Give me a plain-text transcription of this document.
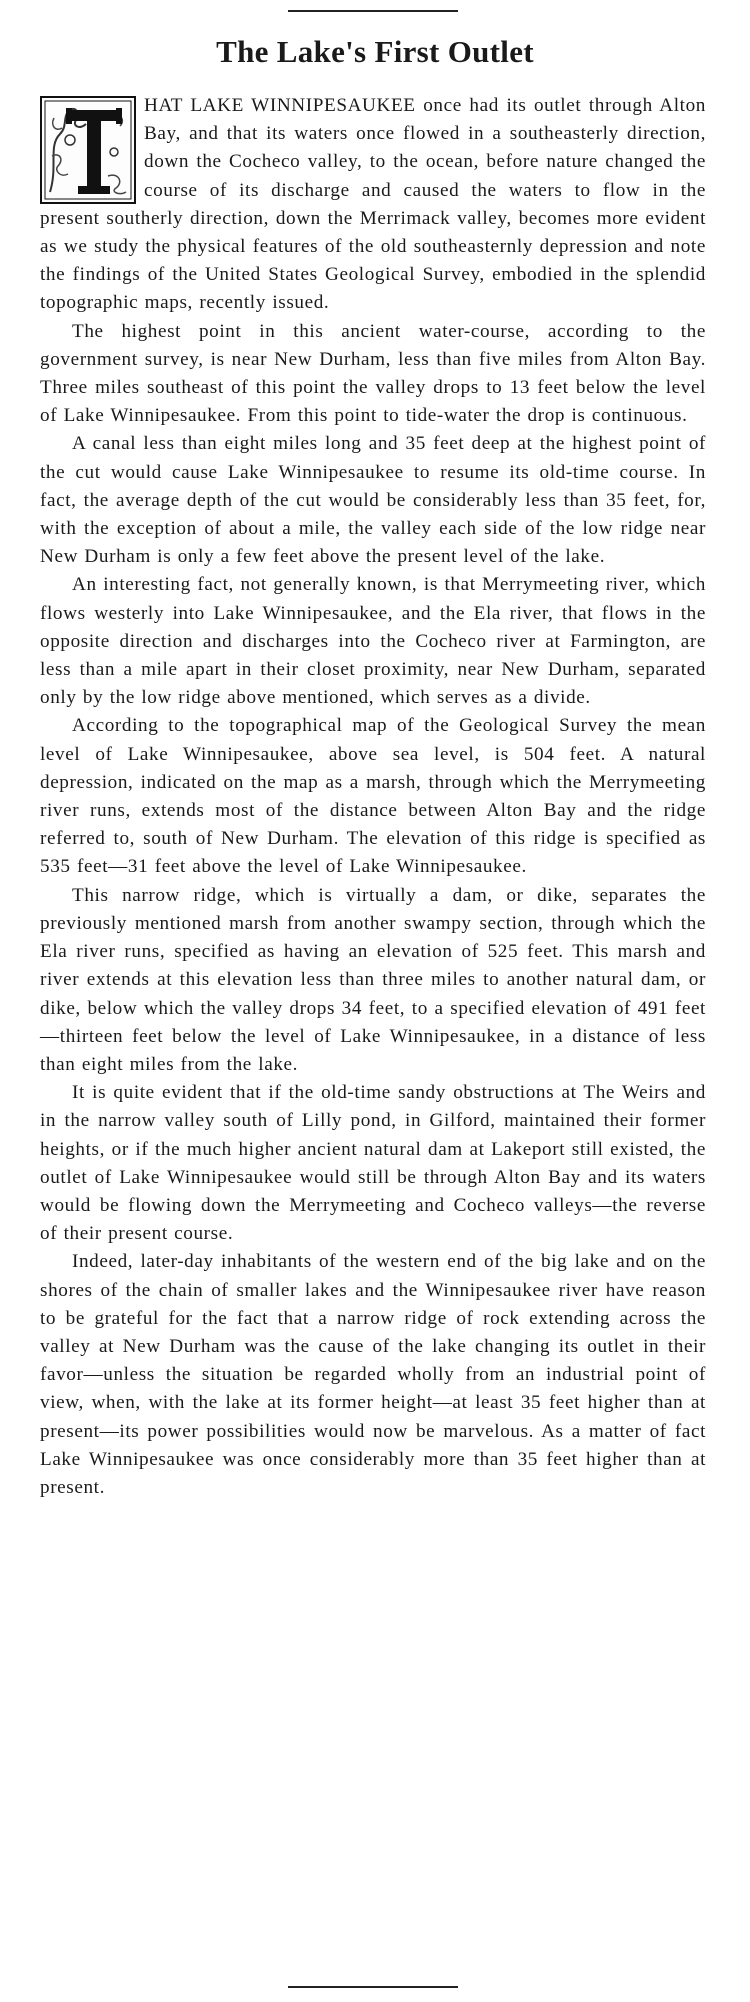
The Lake's First Outlet

HAT LAKE WINNIPESAUKEE once had its outlet through Alton Bay, and that its waters once flowed in a southeasterly direction, down the Cocheco valley, to the ocean, before nature changed the course of its discharge and caused the waters to flow in the present southerly direction, down the Merrimack valley, becomes more evident as we study the physical features of the old southeasternly depression and note the findings of the United States Geological Survey, embodied in the splendid topographic maps, recently issued.

The highest point in this ancient water-course, according to the government survey, is near New Durham, less than five miles from Alton Bay. Three miles southeast of this point the valley drops to 13 feet below the level of Lake Winnipesaukee. From this point to tide-water the drop is continuous.

A canal less than eight miles long and 35 feet deep at the highest point of the cut would cause Lake Winnipesaukee to resume its old-time course. In fact, the average depth of the cut would be considerably less than 35 feet, for, with the exception of about a mile, the valley each side of the low ridge near New Durham is only a few feet above the present level of the lake.

An interesting fact, not generally known, is that Merrymeeting river, which flows westerly into Lake Winnipesaukee, and the Ela river, that flows in the opposite direction and discharges into the Cocheco river at Farmington, are less than a mile apart in their closet proximity, near New Durham, separated only by the low ridge above mentioned, which serves as a divide.

According to the topographical map of the Geological Survey the mean level of Lake Winnipesaukee, above sea level, is 504 feet. A natural depression, indicated on the map as a marsh, through which the Merrymeeting river runs, extends most of the distance between Alton Bay and the ridge referred to, south of New Durham. The elevation of this ridge is specified as 535 feet—31 feet above the level of Lake Winnipesaukee.

This narrow ridge, which is virtually a dam, or dike, separates the previously mentioned marsh from another swampy section, through which the Ela river runs, specified as having an elevation of 525 feet. This marsh and river extends at this elevation less than three miles to another natural dam, or dike, below which the valley drops 34 feet, to a specified elevation of 491 feet—thirteen feet below the level of Lake Winnipesaukee, in a distance of less than eight miles from the lake.

It is quite evident that if the old-time sandy obstructions at The Weirs and in the narrow valley south of Lilly pond, in Gilford, maintained their former heights, or if the much higher ancient natural dam at Lakeport still existed, the outlet of Lake Winnipesaukee would still be through Alton Bay and its waters would be flowing down the Merrymeeting and Cocheco valleys—the reverse of their present course.

Indeed, later-day inhabitants of the western end of the big lake and on the shores of the chain of smaller lakes and the Winnipesaukee river have reason to be grateful for the fact that a narrow ridge of rock extending across the valley at New Durham was the cause of the lake changing its outlet in their favor—unless the situation be regarded wholly from an industrial point of view, when, with the lake at its former height—at least 35 feet higher than at present—its power possibilities would now be marvelous. As a matter of fact Lake Winnipesaukee was once considerably more than 35 feet higher than at present.
